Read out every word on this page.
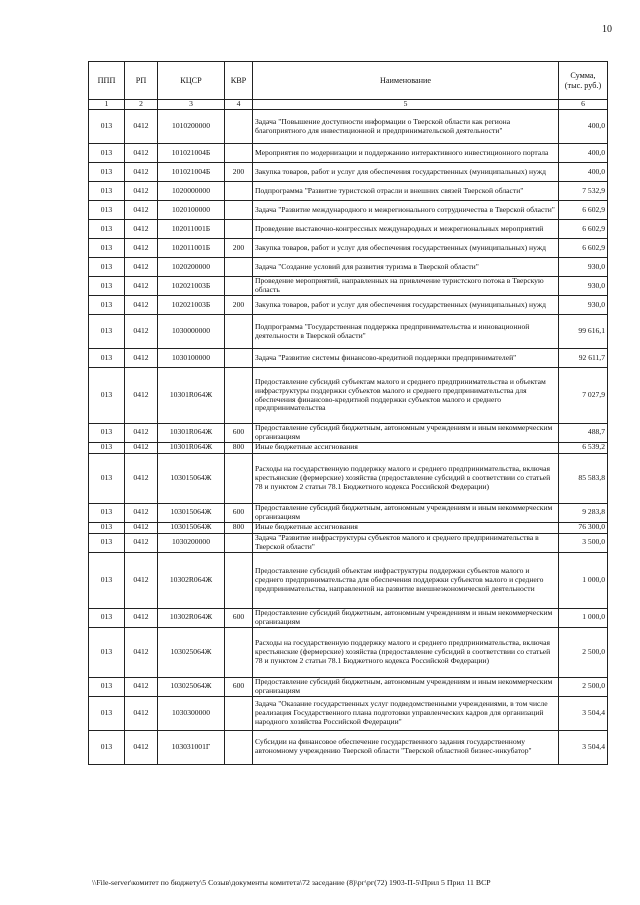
10
ППП	РП	КЦСР	КВР	Наименование	Сумма, (тыс. руб.)
1	2	3	4	5	6
013	0412	1010200000		Задача "Повышение доступности информации о Тверской области как региона благоприятного для инвестиционной и предпринимательской деятельности"	400,0
013	0412	101021004Б		Мероприятия по модернизации и поддержанию интерактивного инвестиционного портала	400,0
013	0412	101021004Б	200	Закупка товаров, работ и услуг для обеспечения государственных (муниципальных) нужд	400,0
013	0412	1020000000		Подпрограмма "Развитие туристской отрасли и внешних связей Тверской области"	7 532,9
013	0412	1020100000		Задача "Развитие международного и межрегионального сотрудничества в Тверской области"	6 602,9
013	0412	102011001Б		Проведение выставочно-конгрессных международных и межрегиональных мероприятий	6 602,9
013	0412	102011001Б	200	Закупка товаров, работ и услуг для обеспечения государственных (муниципальных) нужд	6 602,9
013	0412	1020200000		Задача "Создание условий для развития туризма в Тверской области"	930,0
013	0412	102021003Б		Проведение мероприятий, направленных на привлечение туристского потока в Тверскую область	930,0
013	0412	102021003Б	200	Закупка товаров, работ и услуг для обеспечения государственных (муниципальных) нужд	930,0
013	0412	1030000000		Подпрограмма "Государственная поддержка предпринимательства и инновационной деятельности в Тверской области"	99 616,1
013	0412	1030100000		Задача "Развитие системы финансово-кредитной поддержки предпринимателей"	92 611,7
013	0412	10301R064Ж		Предоставление субсидий субъектам малого и среднего предпринимательства и объектам инфраструктуры поддержки субъектов малого и среднего предпринимательства для обеспечения финансово-кредитной поддержки субъектов малого и среднего предпринимательства	7 027,9
013	0412	10301R064Ж	600	Предоставление субсидий бюджетным, автономным учреждениям и иным некоммерческим организациям	488,7
013	0412	10301R064Ж	800	Иные бюджетные ассигнования	6 539,2
013	0412	103015064Ж		Расходы на государственную поддержку малого и среднего предпринимательства, включая крестьянские (фермерские) хозяйства (предоставление субсидий в соответствии со статьей 78 и пунктом 2 статьи 78.1 Бюджетного кодекса Российской Федерации)	85 583,8
013	0412	103015064Ж	600	Предоставление субсидий бюджетным, автономным учреждениям и иным некоммерческим организациям	9 283,8
013	0412	103015064Ж	800	Иные бюджетные ассигнования	76 300,0
013	0412	1030200000		Задача "Развитие инфраструктуры субъектов малого и среднего предпринимательства в Тверской области"	3 500,0
013	0412	10302R064Ж		Предоставление субсидий объектам инфраструктуры поддержки субъектов малого и среднего предпринимательства для обеспечения поддержки субъектов малого и среднего предпринимательства, направленной на развитие внешнеэкономической деятельности	1 000,0
013	0412	10302R064Ж	600	Предоставление субсидий бюджетным, автономным учреждениям и иным некоммерческим организациям	1 000,0
013	0412	103025064Ж		Расходы на государственную поддержку малого и среднего предпринимательства, включая крестьянские (фермерские) хозяйства (предоставление субсидий в соответствии со статьей 78 и пунктом 2 статьи 78.1 Бюджетного кодекса Российской Федерации)	2 500,0
013	0412	103025064Ж	600	Предоставление субсидий бюджетным, автономным учреждениям и иным некоммерческим организациям	2 500,0
013	0412	1030300000		Задача "Оказание государственных услуг подведомственными учреждениями, в том числе реализация Государственного плана подготовки управленческих кадров для организаций народного хозяйства Российской Федерации"	3 504,4
013	0412	103031001Г		Субсидии на финансовое обеспечение государственного задания государственному автономному учреждению Тверской области "Тверской областной бизнес-инкубатор"	3 504,4
\\File-server\комитет по бюджету\5 Созыв\документы комитета\72 заседание (8)\рг\рг(72) 1903-П-5\Прил 5 Прил 11 ВСР
